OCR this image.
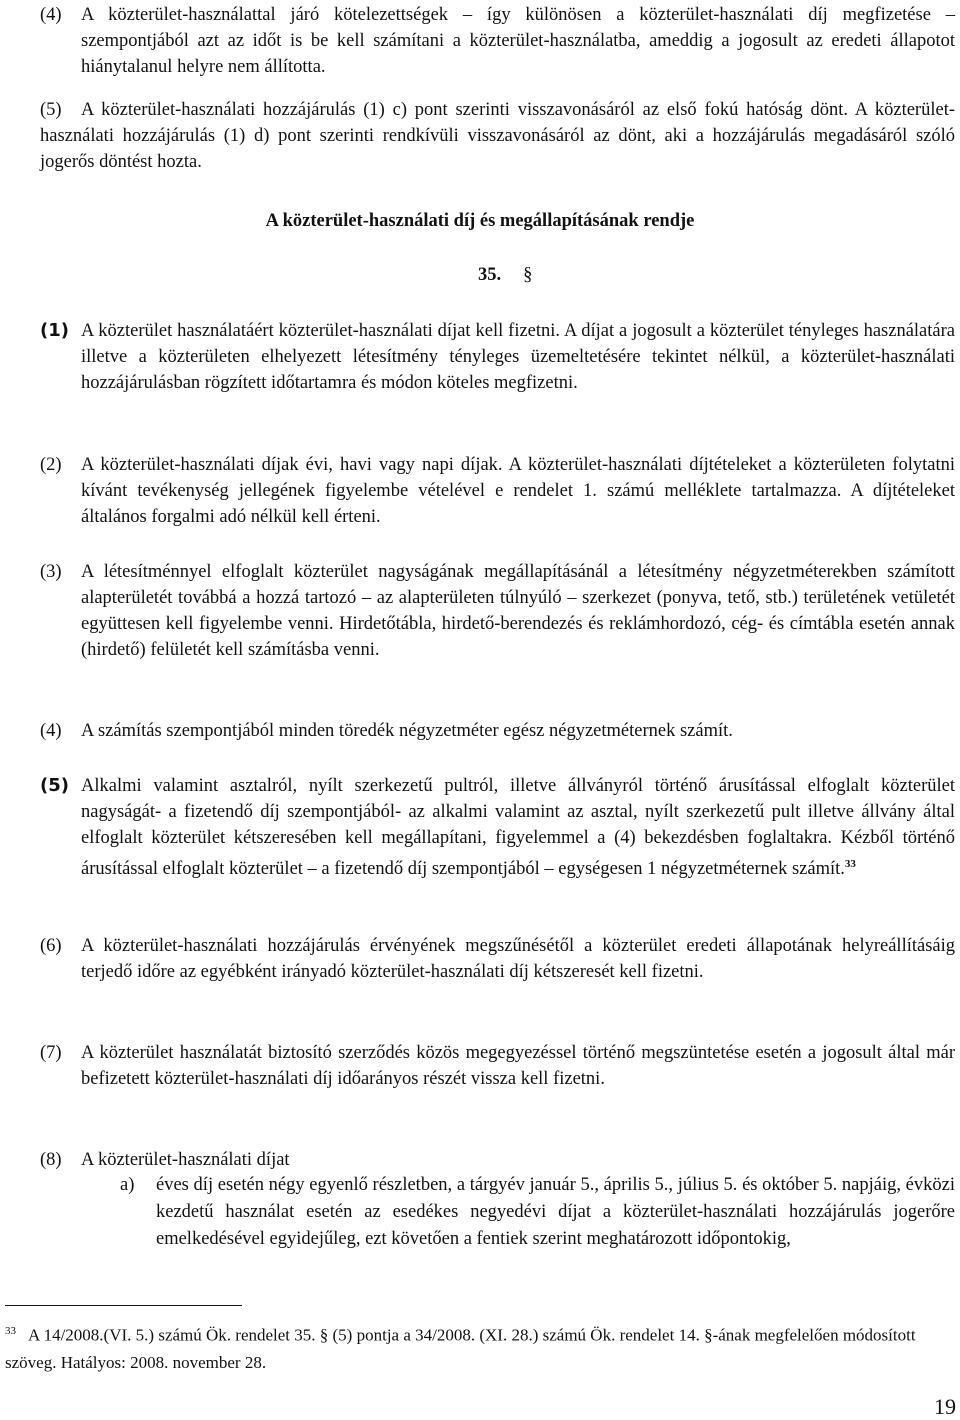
(4) A közterület-használattal járó kötelezettségek – így különösen a közterület-használati díj megfizetése – szempontjából azt az időt is be kell számítani a közterület-használatba, ameddig a jogosult az eredeti állapotot hiánytalanul helyre nem állította.
(5)	A közterület-használati hozzájárulás (1) c) pont szerinti visszavonásáról az első fokú hatóság dönt. A közterület-használati hozzájárulás (1) d) pont szerinti rendkívüli visszavonásáról az dönt, aki a hozzájárulás megadásáról szóló jogerős döntést hozta.
A közterület-használati díj és megállapításának rendje
35. §
(1) A közterület használatáért közterület-használati díjat kell fizetni. A díjat a jogosult a közterület tényleges használatára illetve a közterületen elhelyezett létesítmény tényleges üzemeltetésére tekintet nélkül, a közterület-használati hozzájárulásban rögzített időtartamra és módon köteles megfizetni.
(2) A közterület-használati díjak évi, havi vagy napi díjak. A közterület-használati díjtételeket a közterületen folytatni kívánt tevékenység jellegének figyelembe vételével e rendelet 1. számú melléklete tartalmazza. A díjtételeket általános forgalmi adó nélkül kell érteni.
(3) A létesítménnyel elfoglalt közterület nagyságának megállapításánál a létesítmény négyzetméterekben számított alapterületét továbbá a hozzá tartozó – az alapterületen túlnyúló – szerkezet (ponyva, tető, stb.) területének vetületét együttesen kell figyelembe venni. Hirdetőtábla, hirdető-berendezés és reklámhordozó, cég- és címtábla esetén annak (hirdető) felületét kell számításba venni.
(4) A számítás szempontjából minden töredék négyzetméter egész négyzetméternek számít.
(5) Alkalmi valamint asztalról, nyílt szerkezetű pultról, illetve állványról történő árusítással elfoglalt közterület nagyságát- a fizetendő díj szempontjából- az alkalmi valamint az asztal, nyílt szerkezetű pult illetve állvány által elfoglalt közterület kétszeresében kell megállapítani, figyelemmel a (4) bekezdésben foglaltakra. Kézből történő árusítással elfoglalt közterület – a fizetendő díj szempontjából – egységesen 1 négyzetméternek számít.$^{33}$
(6) A közterület-használati hozzájárulás érvényének megszűnésétől a közterület eredeti állapotának helyreállításáig terjedő időre az egyébként irányadó közterület-használati díj kétszeresét kell fizetni.
(7) A közterület használatát biztosító szerződés közös megegyezéssel történő megszüntetése esetén a jogosult által már befizetett közterület-használati díj időarányos részét vissza kell fizetni.
(8) A közterület-használati díjat
a) éves díj esetén négy egyenlő részletben, a tárgyév január 5., április 5., július 5. és október 5. napjáig, évközi kezdetű használat esetén az esedékes negyedévi díjat a közterület-használati hozzájárulás jogerőre emelkedésével egyidejűleg, ezt követően a fentiek szerint meghatározott időpontokig,
$^{33}$ A 14/2008.(VI. 5.) számú Ök. rendelet 35. § (5) pontja a 34/2008. (XI. 28.) számú Ök. rendelet 14. §-ának megfelelően módosított szöveg. Hatályos: 2008. november 28.
19
